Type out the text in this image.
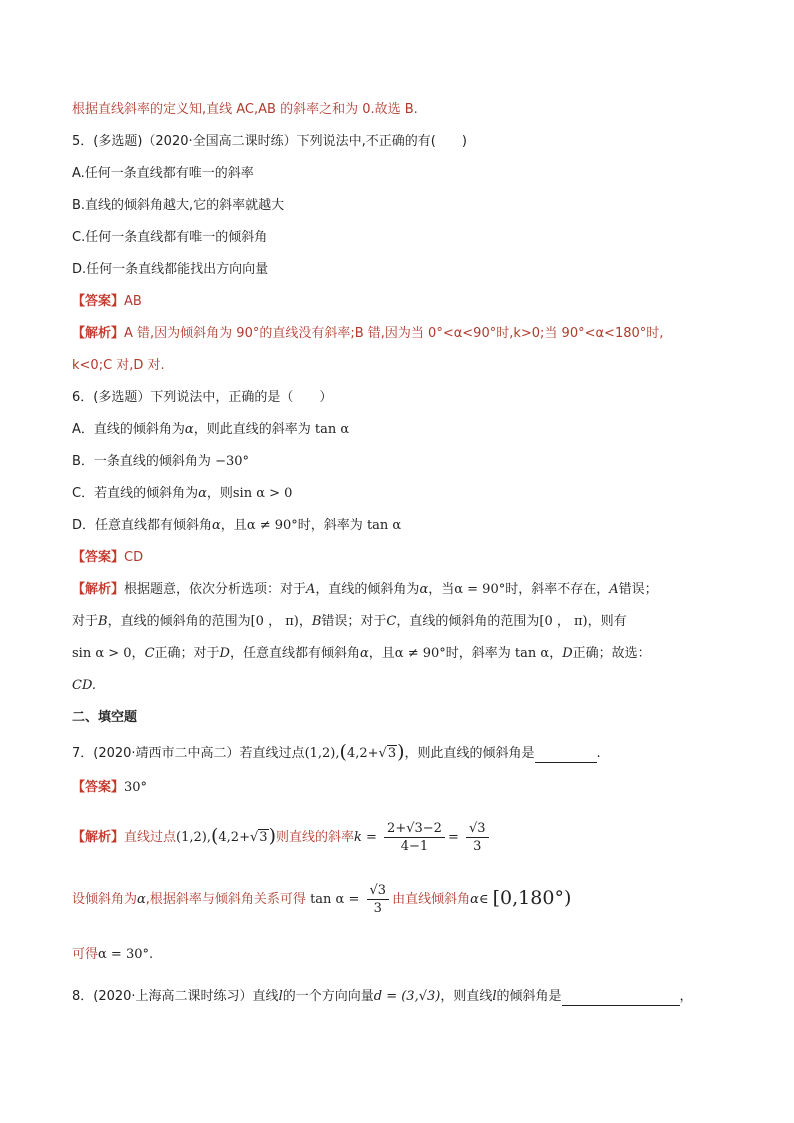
根据直线斜率的定义知,直线 AC,AB 的斜率之和为 0.故选 B.
5．(多选题)（2020·全国高二课时练）下列说法中,不正确的有(　　)
A.任何一条直线都有唯一的斜率
B.直线的倾斜角越大,它的斜率就越大
C.任何一条直线都有唯一的倾斜角
D.任何一条直线都能找出方向向量
【答案】AB
【解析】A 错,因为倾斜角为 90°的直线没有斜率;B 错,因为当 0°<α<90°时,k>0;当 90°<α<180°时,
k<0;C 对,D 对.
6．(多选题）下列说法中，正确的是（　　）
A．直线的倾斜角为α，则此直线的斜率为 tan α
B．一条直线的倾斜角为 −30°
C．若直线的倾斜角为α，则sin α > 0
D．任意直线都有倾斜角α，且α ≠ 90°时，斜率为 tan α
【答案】CD
【解析】根据题意，依次分析选项：对于A，直线的倾斜角为α，当α = 90°时，斜率不存在，A错误；
对于B，直线的倾斜角的范围为[0 ， π)，B错误；对于C，直线的倾斜角的范围为[0 ， π)，则有
sin α > 0，C正确；对于D，任意直线都有倾斜角α，且α ≠ 90°时，斜率为 tan α，D正确；故选：
CD.
二、填空题
7．(2020·靖西市二中高二）若直线过点(1,2),(4,2+√3)，则此直线的倾斜角是	.
【答案】30°
【解析】直线过点(1,2),(4,2+√3)则直线的斜率$k = \frac{2+√3-2}{4-1} = \frac{√3}{3}$
设倾斜角为α,根据斜率与倾斜角关系可得 $\tan \alpha = \frac{√3}{3}$ 由直线倾斜角α∈ [0,180°)
可得α = 30°.
8．(2020·上海高二课时练习）直线l的一个方向向量d = (3,√3)，则直线l的倾斜角是	，
